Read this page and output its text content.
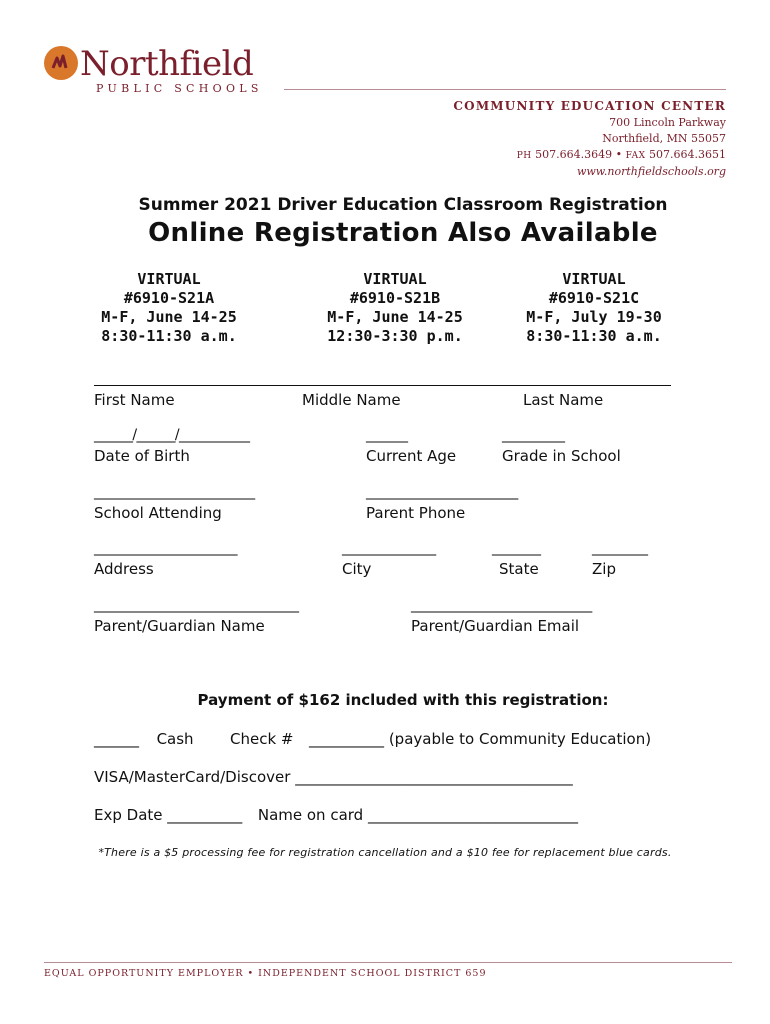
Northfield
PUBLIC SCHOOLS
COMMUNITY EDUCATION CENTER
700 Lincoln Parkway
Northfield, MN 55057
PH 507.664.3649 • FAX 507.664.3651
www.northfieldschools.org
Summer 2021 Driver Education Classroom Registration
Online Registration Also Available
VIRTUAL
#6910-S21A
M-F, June 14-25
8:30-11:30 a.m.
VIRTUAL
#6910-S21B
M-F, June 14-25
12:30-3:30 p.m.
VIRTUAL
#6910-S21C
M-F, July 19-30
8:30-11:30 a.m.
First Name	Middle Name	Last Name
______/______/___________
Date of Birth
______
Current Age
_________
Grade in School
________________________
School Attending
_______________________
Parent Phone
______________________
Address
______________
City
_______
State
________
Zip
_______________________________
Parent/Guardian Name
___________________________
Parent/Guardian Email
Payment of $162 included with this registration:
______ Cash Check # __________ (payable to Community Education)
VISA/MasterCard/Discover _____________________________________
Exp Date __________ Name on card ____________________________
*There is a $5 processing fee for registration cancellation and a $10 fee for replacement blue cards.
EQUAL OPPORTUNITY EMPLOYER • INDEPENDENT SCHOOL DISTRICT 659
